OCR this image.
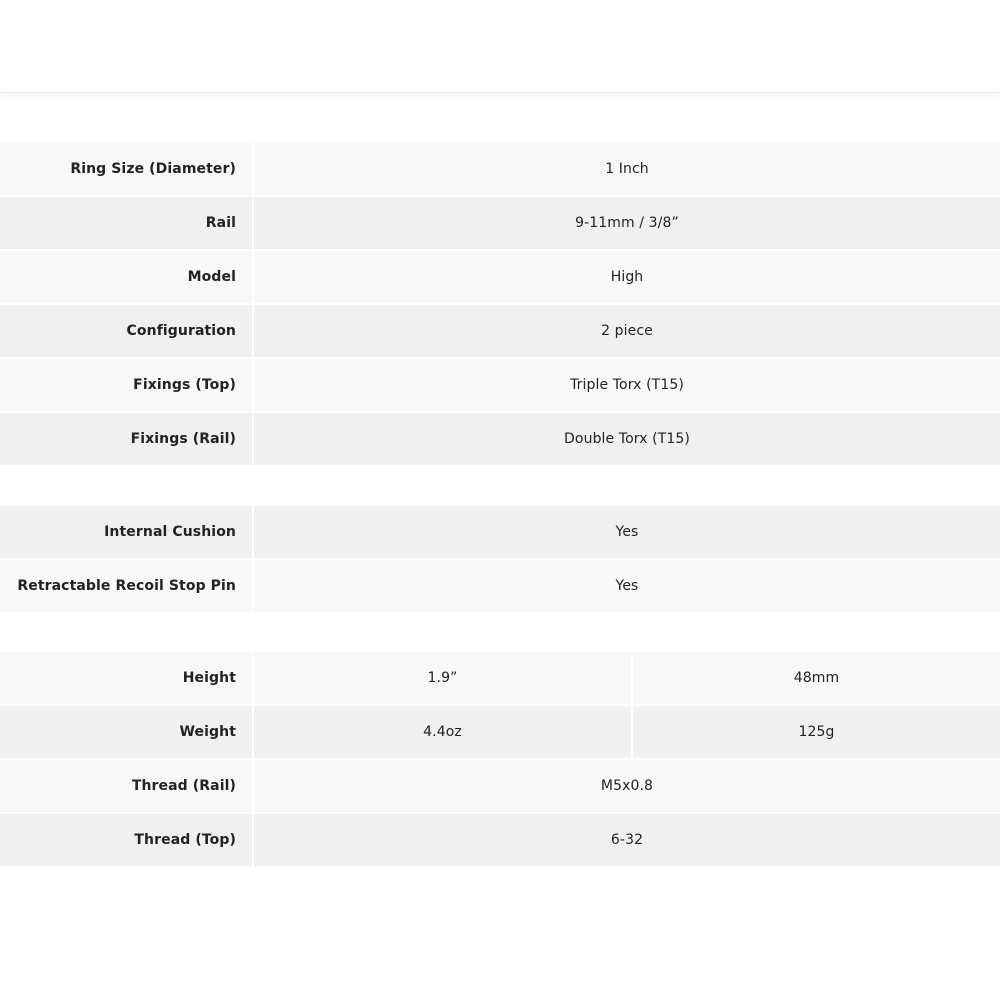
Ring Size (Diameter)	1 Inch
Rail	9-11mm / 3/8”
Model	High
Configuration	2 piece
Fixings (Top)	Triple Torx (T15)
Fixings (Rail)	Double Torx (T15)
Internal Cushion	Yes
Retractable Recoil Stop Pin	Yes
Height	1.9”	48mm
Weight	4.4oz	125g
Thread (Rail)	M5x0.8
Thread (Top)	6-32
